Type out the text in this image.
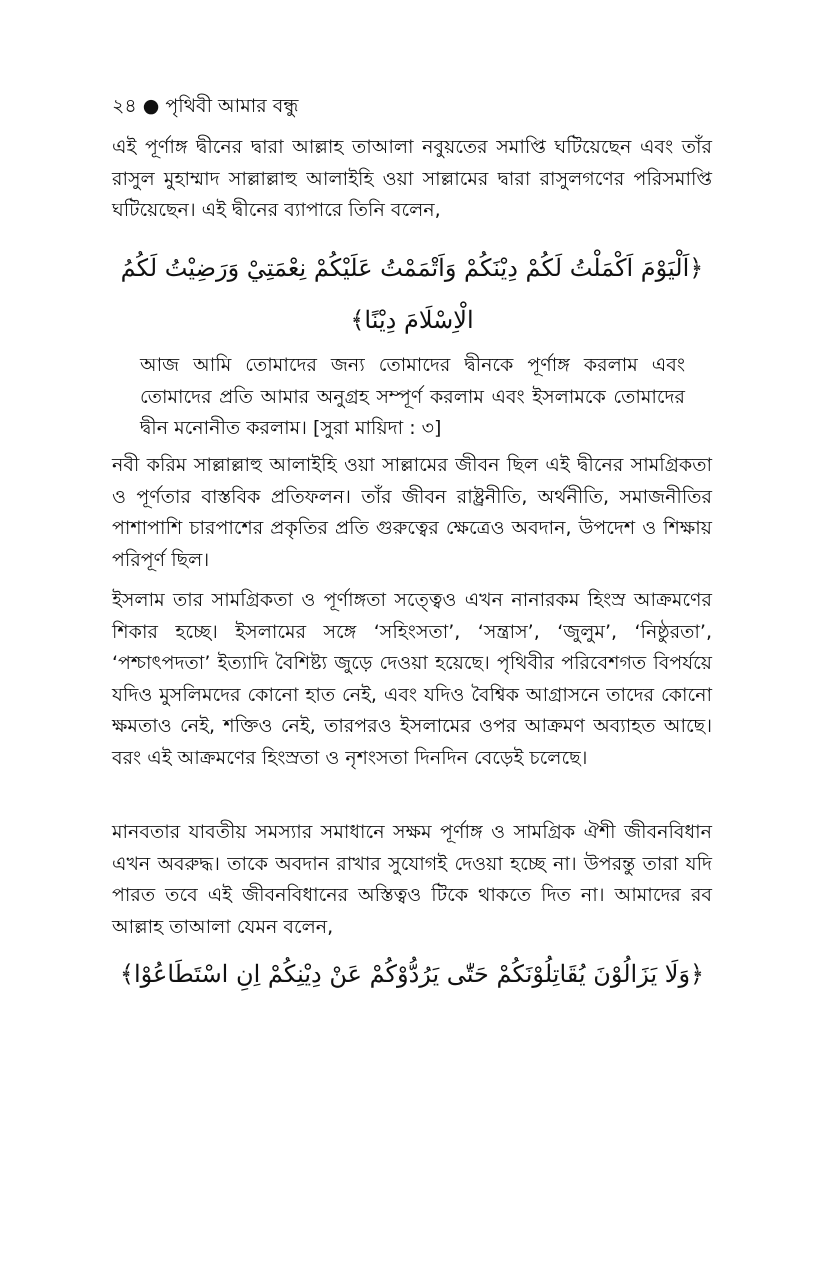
২৪ ● পৃথিবী আমার বন্ধু

এই পূর্ণাঙ্গ দ্বীনের দ্বারা আল্লাহ তাআলা নবুয়তের সমাপ্তি ঘটিয়েছেন এবং তাঁর রাসুল মুহাম্মাদ সাল্লাল্লাহু আলাইহি ওয়া সাল্লামের দ্বারা রাসুলগণের পরিসমাপ্তি ঘটিয়েছেন। এই দ্বীনের ব্যাপারে তিনি বলেন,

﴿اَلْيَوْمَ اَكْمَلْتُ لَكُمْ دِيْنَكُمْ وَاَتْمَمْتُ عَلَيْكُمْ نِعْمَتِيْ وَرَضِيْتُ لَكُمُ

الْاِسْلَامَ دِيْنًا﴾

আজ আমি তোমাদের জন্য তোমাদের দ্বীনকে পূর্ণাঙ্গ করলাম এবং তোমাদের প্রতি আমার অনুগ্রহ সম্পূর্ণ করলাম এবং ইসলামকে তোমাদের দ্বীন মনোনীত করলাম। [সুরা মায়িদা : ৩]

নবী করিম সাল্লাল্লাহু আলাইহি ওয়া সাল্লামের জীবন ছিল এই দ্বীনের সামগ্রিকতা ও পূর্ণতার বাস্তবিক প্রতিফলন। তাঁর জীবন রাষ্ট্রনীতি, অর্থনীতি, সমাজনীতির পাশাপাশি চারপাশের প্রকৃতির প্রতি গুরুত্বের ক্ষেত্রেও অবদান, উপদেশ ও শিক্ষায় পরিপূর্ণ ছিল।

ইসলাম তার সামগ্রিকতা ও পূর্ণাঙ্গতা সত্ত্বেও এখন নানারকম হিংস্র আক্রমণের শিকার হচ্ছে। ইসলামের সঙ্গে ‘সহিংসতা’, ‘সন্ত্রাস’, ‘জুলুম’, ‘নিষ্ঠুরতা’, ‘পশ্চাৎপদতা’ ইত্যাদি বৈশিষ্ট্য জুড়ে দেওয়া হয়েছে। পৃথিবীর পরিবেশগত বিপর্যয়ে যদিও মুসলিমদের কোনো হাত নেই, এবং যদিও বৈশ্বিক আগ্রাসনে তাদের কোনো ক্ষমতাও নেই, শক্তিও নেই, তারপরও ইসলামের ওপর আক্রমণ অব্যাহত আছে। বরং এই আক্রমণের হিংস্রতা ও নৃশংসতা দিনদিন বেড়েই চলেছে।

মানবতার যাবতীয় সমস্যার সমাধানে সক্ষম পূর্ণাঙ্গ ও সামগ্রিক ঐশী জীবনবিধান এখন অবরুদ্ধ। তাকে অবদান রাখার সুযোগই দেওয়া হচ্ছে না। উপরন্তু তারা যদি পারত তবে এই জীবনবিধানের অস্তিত্বও টিকে থাকতে দিত না। আমাদের রব আল্লাহ তাআলা যেমন বলেন,

﴿وَلَا يَزَالُوْنَ يُقَاتِلُوْنَكُمْ حَتّٰى يَرُدُّوْكُمْ عَنْ دِيْنِكُمْ اِنِ اسْتَطَاعُوْا﴾
